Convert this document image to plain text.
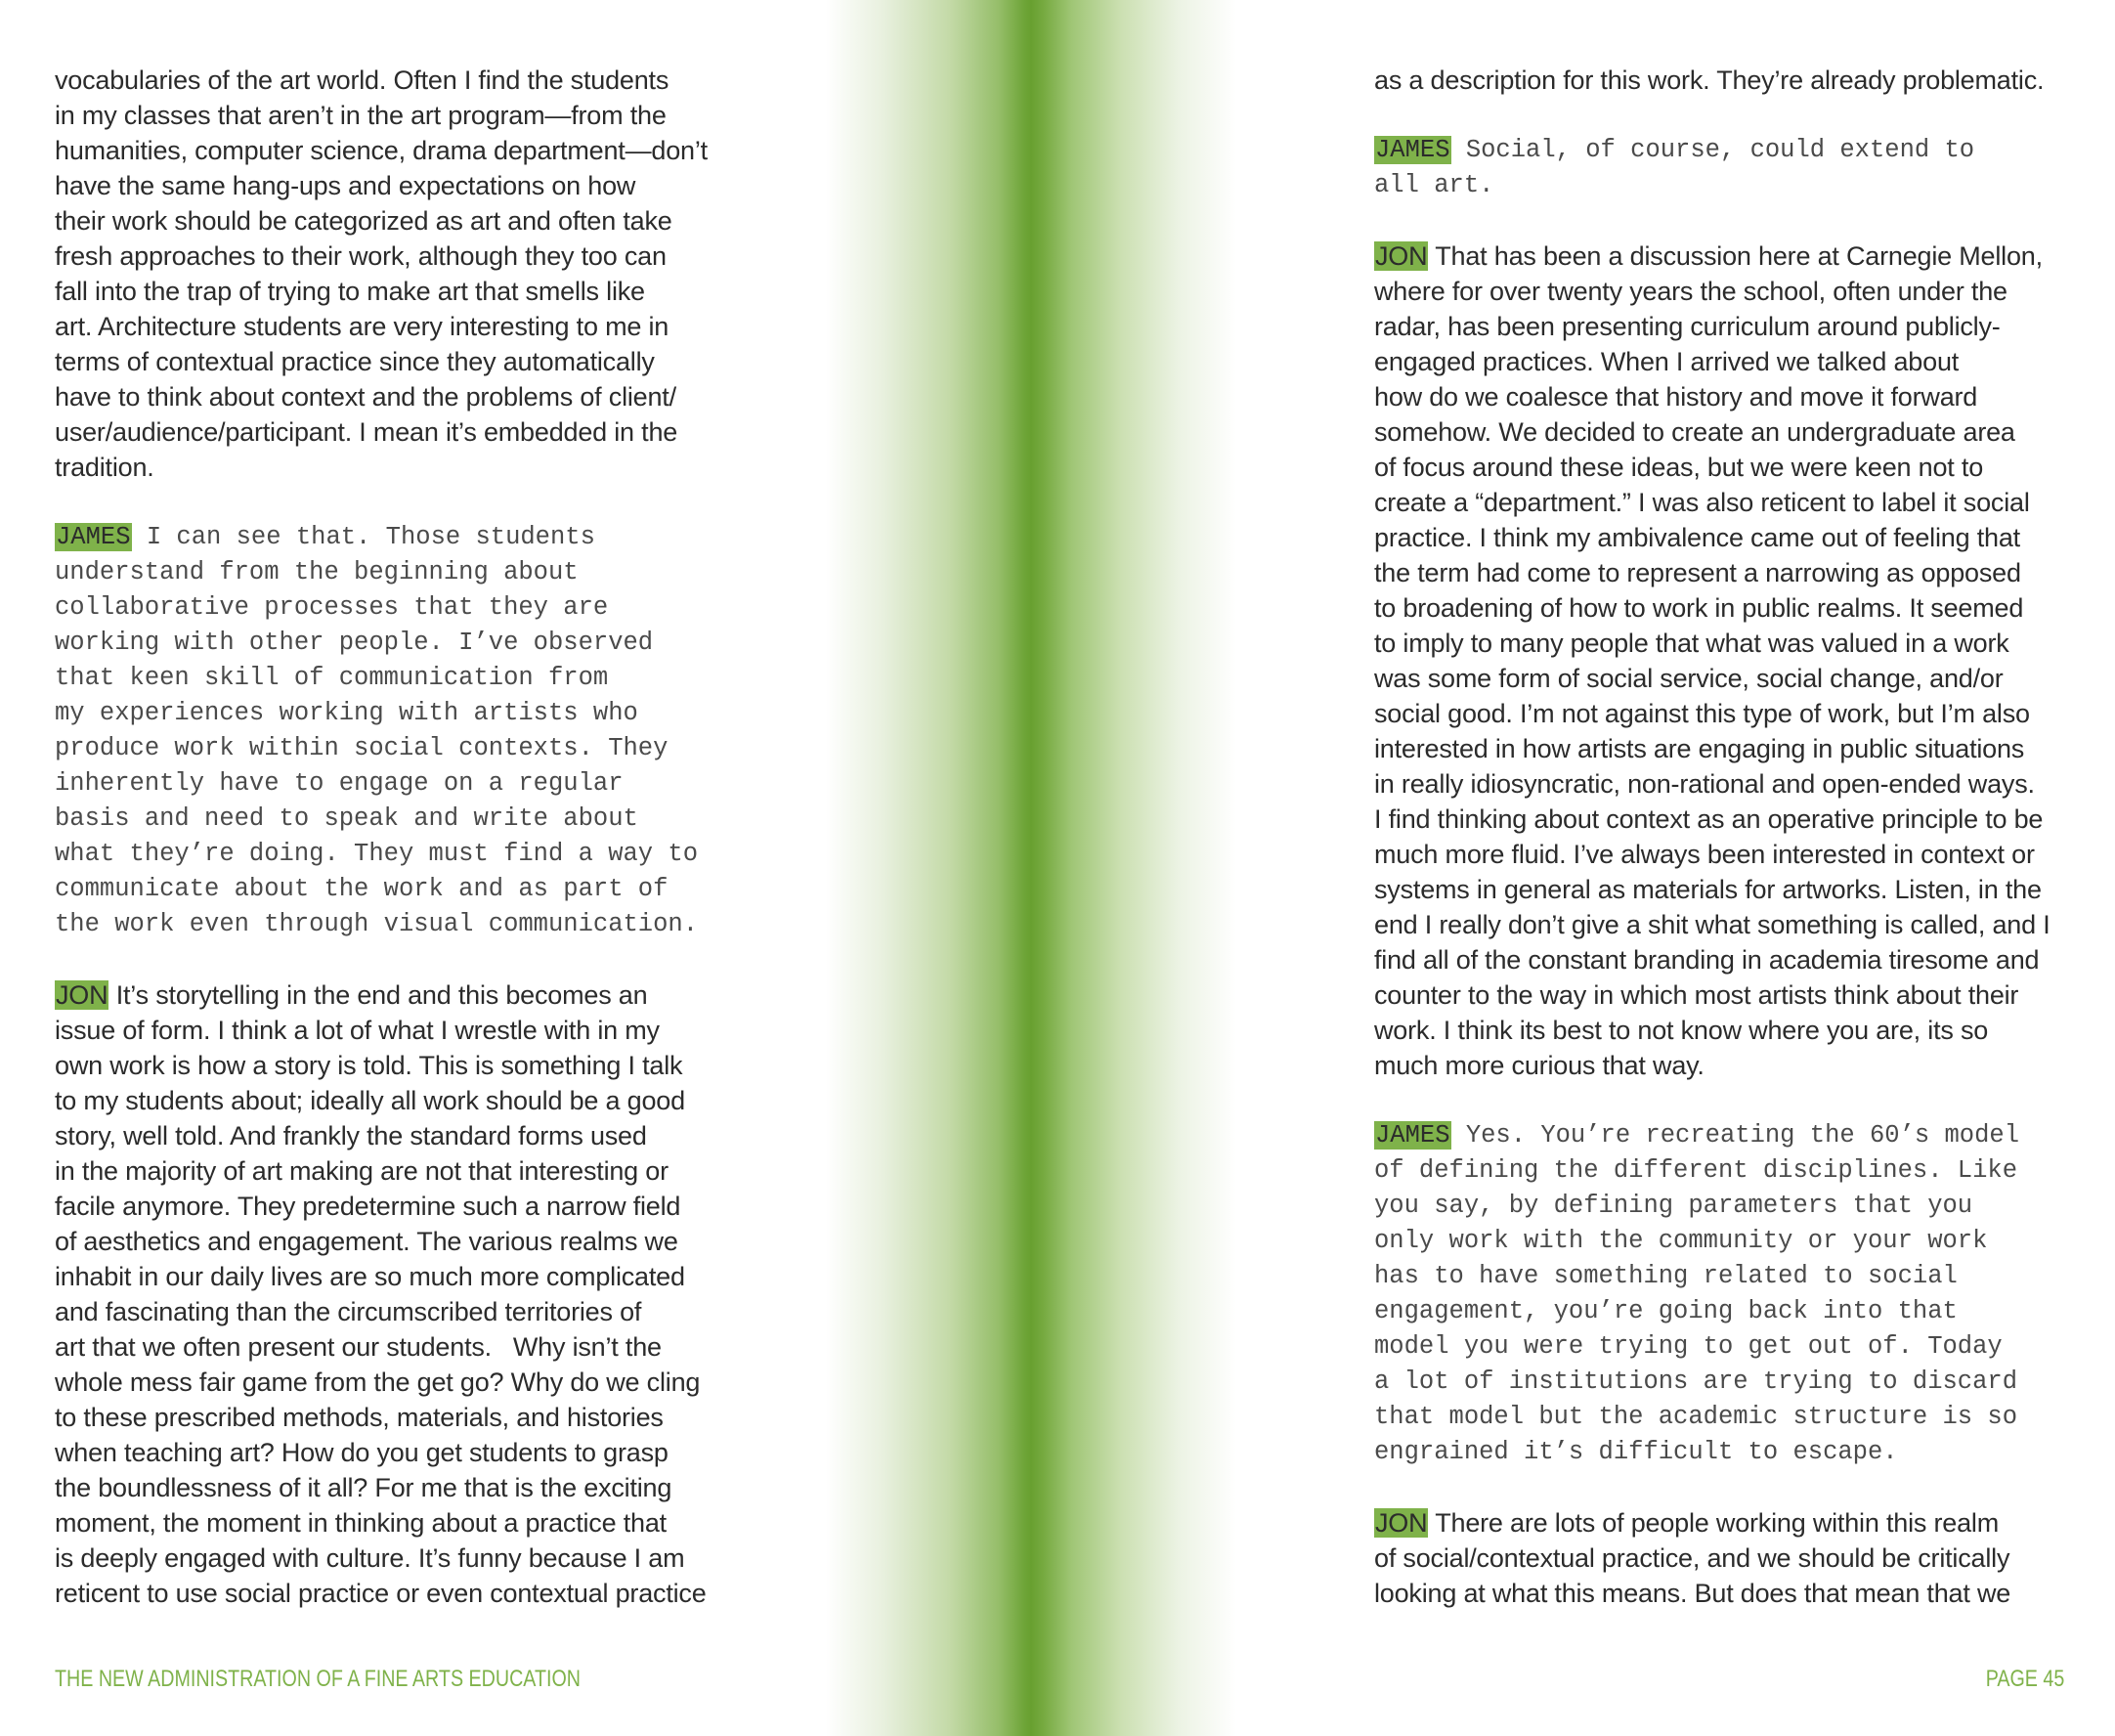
vocabularies of the art world. Often I find the students
in my classes that aren’t in the art program—from the
humanities, computer science, drama department—don’t
have the same hang-ups and expectations on how
their work should be categorized as art and often take
fresh approaches to their work, although they too can
fall into the trap of trying to make art that smells like
art. Architecture students are very interesting to me in
terms of contextual practice since they automatically
have to think about context and the problems of client/
user/audience/participant. I mean it’s embedded in the
tradition.
JAMES I can see that. Those students
understand from the beginning about
collaborative processes that they are
working with other people. I’ve observed
that keen skill of communication from
my experiences working with artists who
produce work within social contexts. They
inherently have to engage on a regular
basis and need to speak and write about
what they’re doing. They must find a way to
communicate about the work and as part of
the work even through visual communication.
JON It’s storytelling in the end and this becomes an
issue of form. I think a lot of what I wrestle with in my
own work is how a story is told. This is something I talk
to my students about; ideally all work should be a good
story, well told. And frankly the standard forms used
in the majority of art making are not that interesting or
facile anymore. They predetermine such a narrow field
of aesthetics and engagement. The various realms we
inhabit in our daily lives are so much more complicated
and fascinating than the circumscribed territories of
art that we often present our students.   Why isn’t the
whole mess fair game from the get go? Why do we cling
to these prescribed methods, materials, and histories
when teaching art? How do you get students to grasp
the boundlessness of it all? For me that is the exciting
moment, the moment in thinking about a practice that
is deeply engaged with culture. It’s funny because I am
reticent to use social practice or even contextual practice
as a description for this work. They’re already problematic.
JAMES Social, of course, could extend to
all art.
JON That has been a discussion here at Carnegie Mellon,
where for over twenty years the school, often under the
radar, has been presenting curriculum around publicly-
engaged practices. When I arrived we talked about
how do we coalesce that history and move it forward
somehow. We decided to create an undergraduate area
of focus around these ideas, but we were keen not to
create a “department.” I was also reticent to label it social
practice. I think my ambivalence came out of feeling that
the term had come to represent a narrowing as opposed
to broadening of how to work in public realms. It seemed
to imply to many people that what was valued in a work
was some form of social service, social change, and/or
social good. I’m not against this type of work, but I’m also
interested in how artists are engaging in public situations
in really idiosyncratic, non-rational and open-ended ways.
I find thinking about context as an operative principle to be
much more fluid. I’ve always been interested in context or
systems in general as materials for artworks. Listen, in the
end I really don’t give a shit what something is called, and I
find all of the constant branding in academia tiresome and
counter to the way in which most artists think about their
work. I think its best to not know where you are, its so
much more curious that way.
JAMES Yes. You’re recreating the 60’s model
of defining the different disciplines. Like
you say, by defining parameters that you
only work with the community or your work
has to have something related to social
engagement, you’re going back into that
model you were trying to get out of. Today
a lot of institutions are trying to discard
that model but the academic structure is so
engrained it’s difficult to escape.
JON There are lots of people working within this realm
of social/contextual practice, and we should be critically
looking at what this means. But does that mean that we
THE NEW ADMINISTRATION OF A FINE ARTS EDUCATION	PAGE 45
